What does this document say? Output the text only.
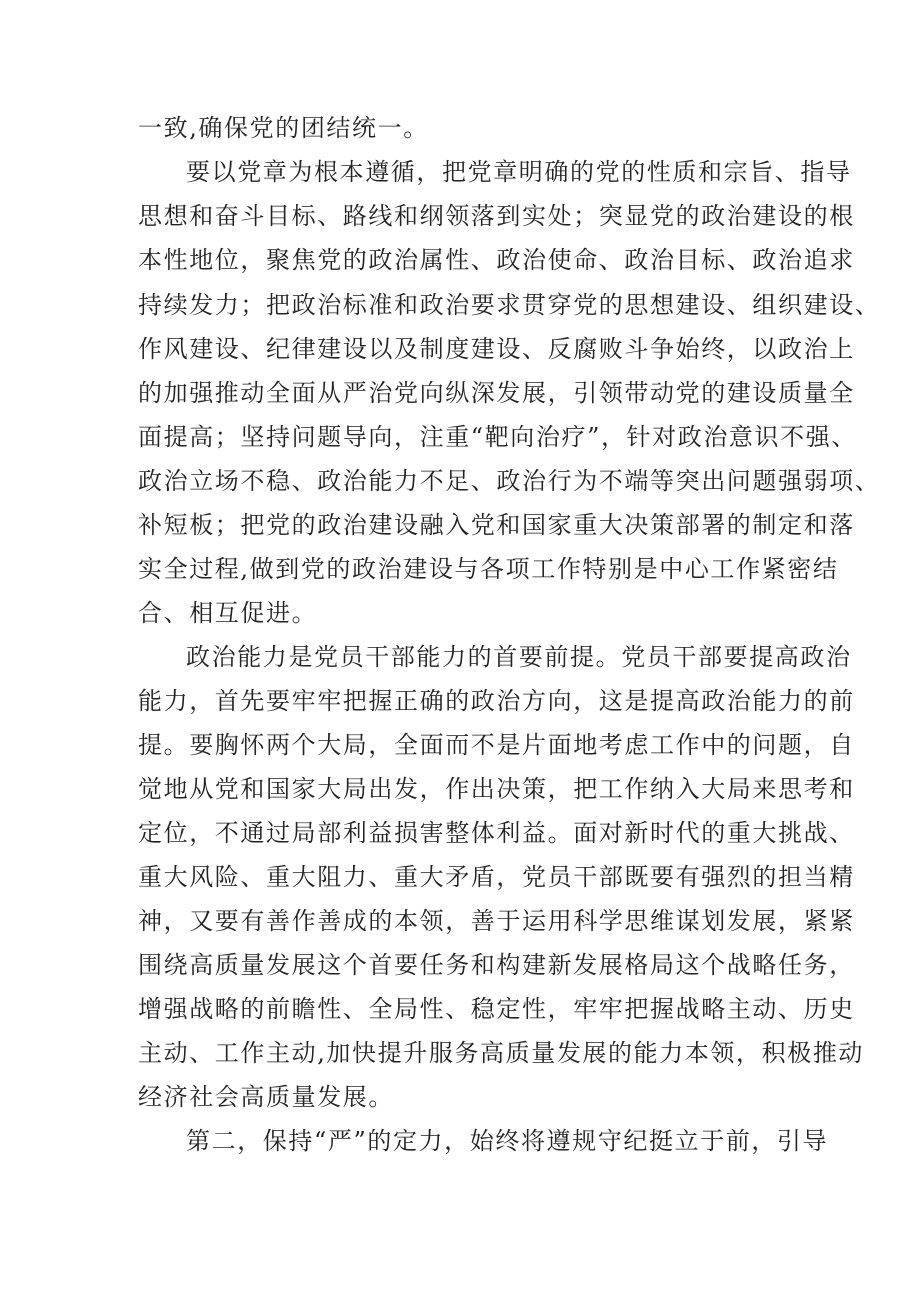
一致,确保党的团结统一。
要以党章为根本遵循，把党章明确的党的性质和宗旨、指导
思想和奋斗目标、路线和纲领落到实处；突显党的政治建设的根
本性地位，聚焦党的政治属性、政治使命、政治目标、政治追求
持续发力；把政治标准和政治要求贯穿党的思想建设、组织建设、
作风建设、纪律建设以及制度建设、反腐败斗争始终，以政治上
的加强推动全面从严治党向纵深发展，引领带动党的建设质量全
面提高；坚持问题导向，注重“靶向治疗”，针对政治意识不强、
政治立场不稳、政治能力不足、政治行为不端等突出问题强弱项、
补短板；把党的政治建设融入党和国家重大决策部署的制定和落
实全过程,做到党的政治建设与各项工作特别是中心工作紧密结
合、相互促进。
政治能力是党员干部能力的首要前提。党员干部要提高政治
能力，首先要牢牢把握正确的政治方向，这是提高政治能力的前
提。要胸怀两个大局，全面而不是片面地考虑工作中的问题，自
觉地从党和国家大局出发，作出决策，把工作纳入大局来思考和
定位，不通过局部利益损害整体利益。面对新时代的重大挑战、
重大风险、重大阻力、重大矛盾，党员干部既要有强烈的担当精
神，又要有善作善成的本领，善于运用科学思维谋划发展，紧紧
围绕高质量发展这个首要任务和构建新发展格局这个战略任务，
增强战略的前瞻性、全局性、稳定性，牢牢把握战略主动、历史
主动、工作主动,加快提升服务高质量发展的能力本领，积极推动
经济社会高质量发展。
第二，保持“严”的定力，始终将遵规守纪挺立于前，引导
